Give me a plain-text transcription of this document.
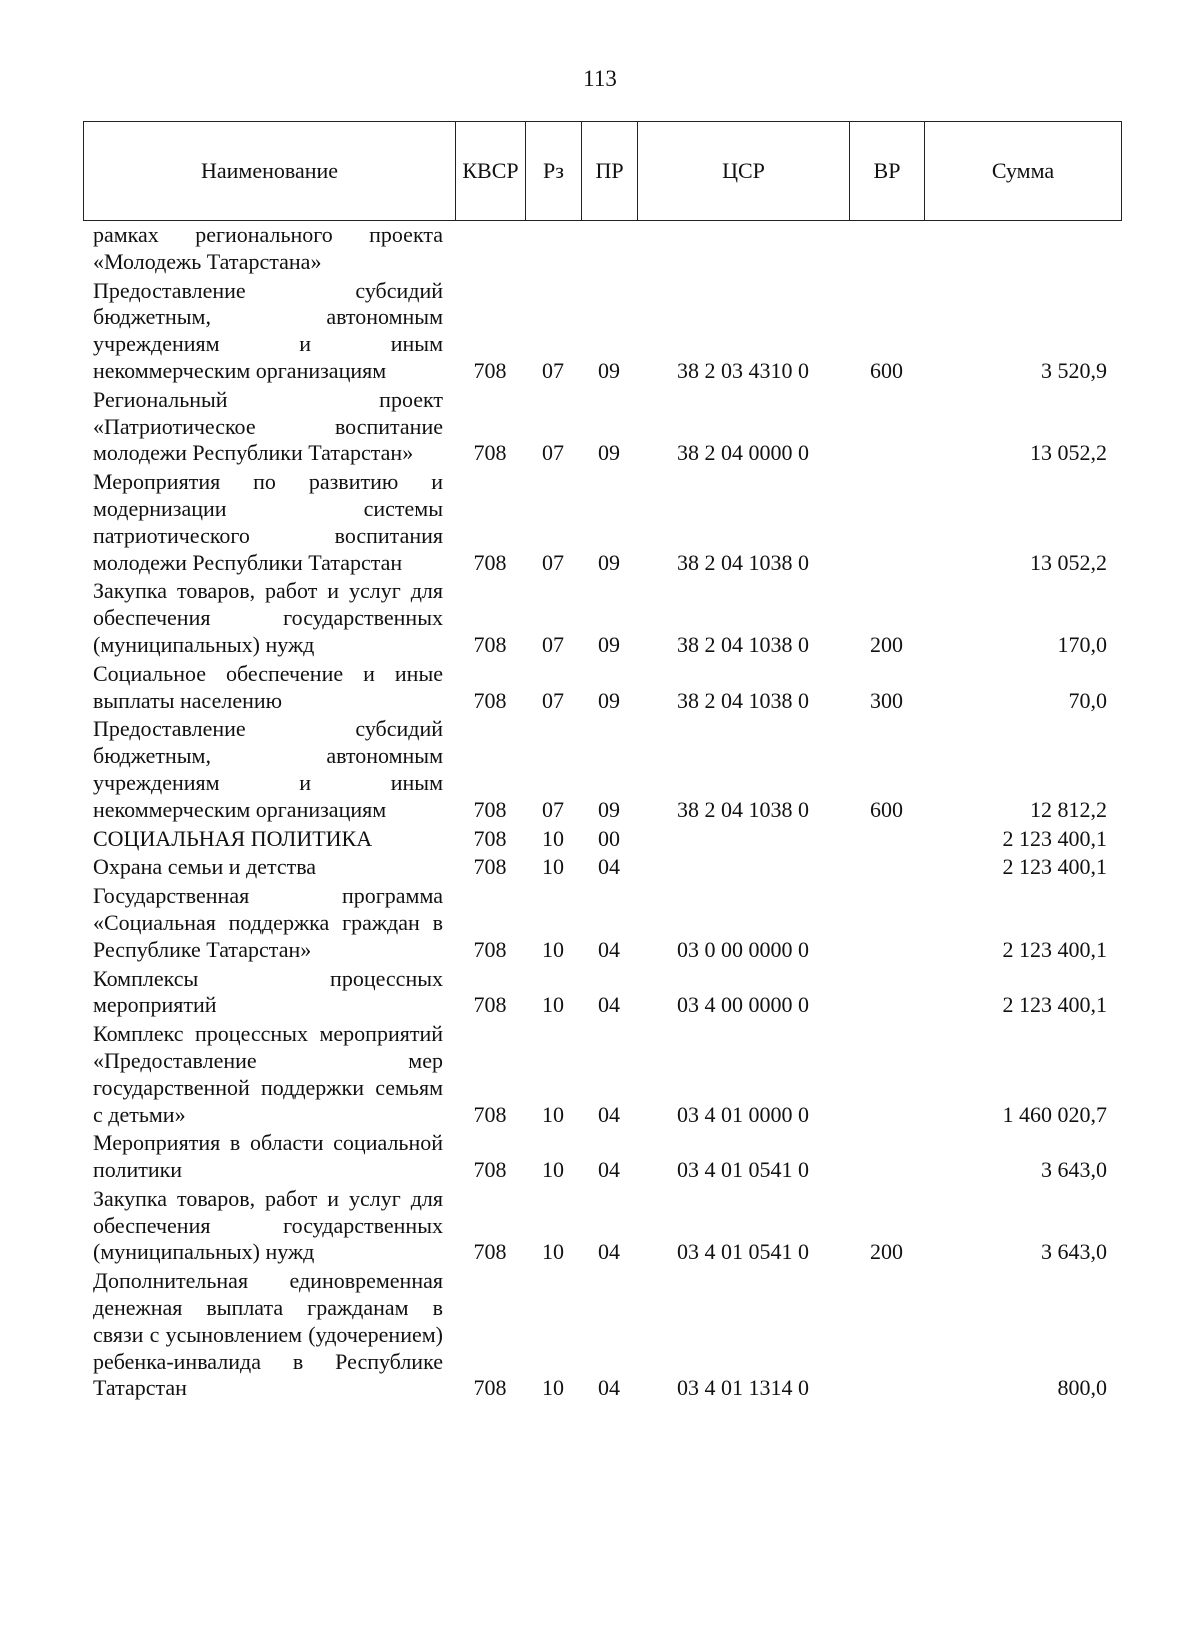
113
Наименование	КВСР	Рз	ПР	ЦСР	ВР	Сумма
рамках регионального проекта «Молодежь Татарстана»						
Предоставление субсидий бюджетным, автономным учреждениям и иным некоммерческим организациям	708	07	09	38 2 03 4310 0	600	3 520,9
Региональный проект «Патриотическое воспитание молодежи Республики Татарстан»	708	07	09	38 2 04 0000 0		13 052,2
Мероприятия по развитию и модернизации системы патриотического воспитания молодежи Республики Татарстан	708	07	09	38 2 04 1038 0		13 052,2
Закупка товаров, работ и услуг для обеспечения государственных (муниципальных) нужд	708	07	09	38 2 04 1038 0	200	170,0
Социальное обеспечение и иные выплаты населению	708	07	09	38 2 04 1038 0	300	70,0
Предоставление субсидий бюджетным, автономным учреждениям и иным некоммерческим организациям	708	07	09	38 2 04 1038 0	600	12 812,2
СОЦИАЛЬНАЯ ПОЛИТИКА	708	10	00			2 123 400,1
Охрана семьи и детства	708	10	04			2 123 400,1
Государственная программа «Социальная поддержка граждан в Республике Татарстан»	708	10	04	03 0 00 0000 0		2 123 400,1
Комплексы процессных мероприятий	708	10	04	03 4 00 0000 0		2 123 400,1
Комплекс процессных мероприятий «Предоставление мер государственной поддержки семьям с детьми»	708	10	04	03 4 01 0000 0		1 460 020,7
Мероприятия в области социальной политики	708	10	04	03 4 01 0541 0		3 643,0
Закупка товаров, работ и услуг для обеспечения государственных (муниципальных) нужд	708	10	04	03 4 01 0541 0	200	3 643,0
Дополнительная единовременная денежная выплата гражданам в связи с усыновлением (удочерением) ребенка-инвалида в Республике Татарстан	708	10	04	03 4 01 1314 0		800,0
